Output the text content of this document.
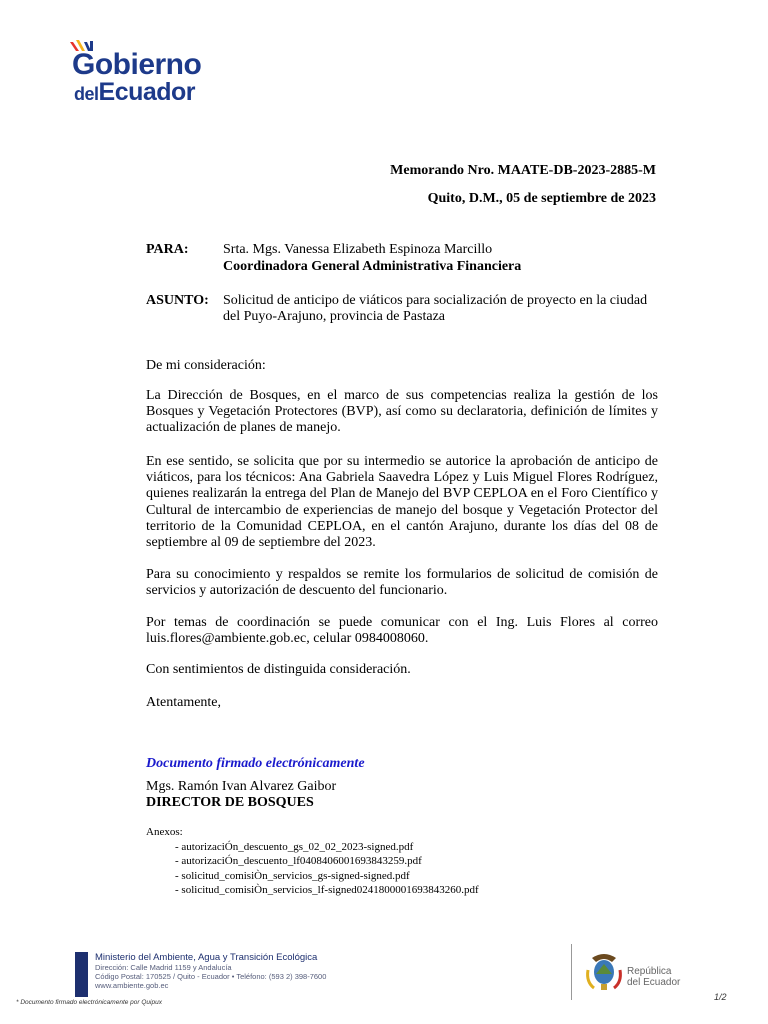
Gobierno
delEcuador
Memorando Nro. MAATE-DB-2023-2885-M
Quito, D.M., 05 de septiembre de 2023
PARA: Srta. Mgs. Vanessa Elizabeth Espinoza Marcillo
Coordinadora General Administrativa Financiera
ASUNTO: Solicitud de anticipo de viáticos para socialización de proyecto en la ciudad del Puyo-Arajuno, provincia de Pastaza
De mi consideración:
La Dirección de Bosques, en el marco de sus competencias realiza la gestión de los Bosques y Vegetación Protectores (BVP), así como su declaratoria, definición de límites y actualización de planes de manejo.
En ese sentido, se solicita que por su intermedio se autorice la aprobación de anticipo de viáticos, para los técnicos: Ana Gabriela Saavedra López y Luis Miguel Flores Rodríguez, quienes realizarán la entrega del Plan de Manejo del BVP CEPLOA en el Foro Científico y Cultural de intercambio de experiencias de manejo del bosque y Vegetación Protector del territorio de la Comunidad CEPLOA, en el cantón Arajuno, durante los días del 08 de septiembre al 09 de septiembre del 2023.
Para su conocimiento y respaldos se remite los formularios de solicitud de comisión de servicios y autorización de descuento del funcionario.
Por temas de coordinación se puede comunicar con el Ing. Luis Flores al correo luis.flores@ambiente.gob.ec, celular 0984008060.
Con sentimientos de distinguida consideración.
Atentamente,
Documento firmado electrónicamente
Mgs. Ramón Ivan Alvarez Gaibor
DIRECTOR DE BOSQUES
Anexos:
- autorizaciÓn_descuento_gs_02_02_2023-signed.pdf
- autorizaciÓn_descuento_lf0408406001693843259.pdf
- solicitud_comisiÒn_servicios_gs-signed-signed.pdf
- solicitud_comisiÒn_servicios_lf-signed0241800001693843260.pdf
Ministerio del Ambiente, Agua y Transición Ecológica
Dirección: Calle Madrid 1159 y Andalucía
Código Postal: 170525 / Quito - Ecuador • Teléfono: (593 2) 398-7600
www.ambiente.gob.ec
República
del Ecuador
* Documento firmado electrónicamente por Quipux
1/2
